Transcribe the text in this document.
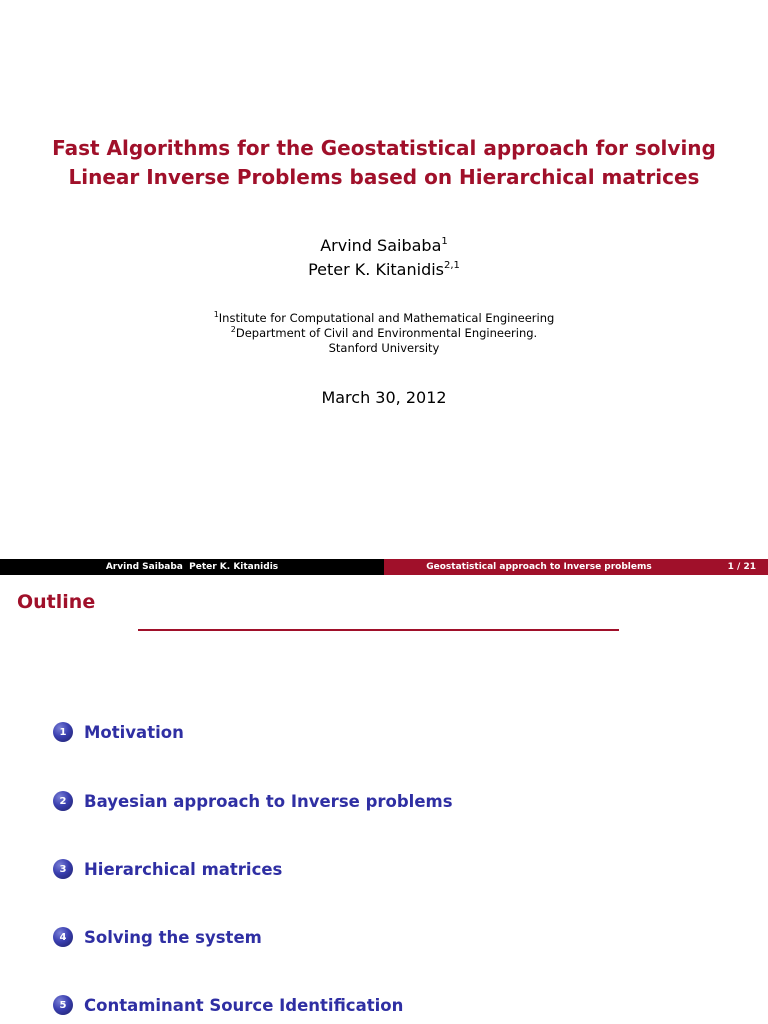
Fast Algorithms for the Geostatistical approach for solving
Linear Inverse Problems based on Hierarchical matrices
Arvind Saibaba$^1$
Peter K. Kitanidis$^{2,1}$
$^1$Institute for Computational and Mathematical Engineering
$^2$Department of Civil and Environmental Engineering.
Stanford University
March 30, 2012
Arvind Saibaba  Peter K. Kitanidis	Geostatistical approach to Inverse problems	1 / 21
Outline
1	Motivation
2	Bayesian approach to Inverse problems
3	Hierarchical matrices
4	Solving the system
5	Contaminant Source Identification
